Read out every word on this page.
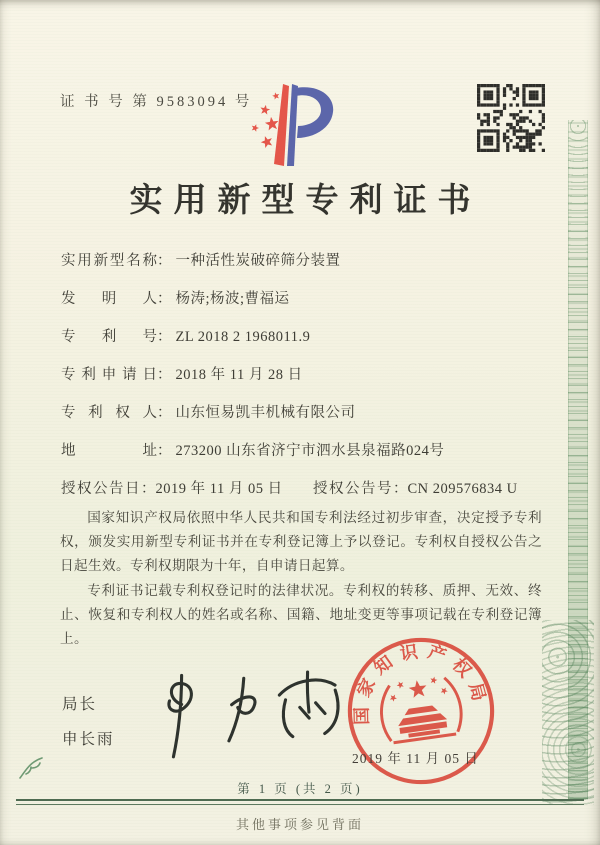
证 书 号 第 9583094 号
实用新型专利证书
实用新型名称： 一种活性炭破碎筛分装置
发明人： 杨涛;杨波;曹福运
专利号： ZL 2018 2 1968011.9
专利申请日： 2018 年 11 月 28 日
专利权人： 山东恒易凯丰机械有限公司
地址： 273200 山东省济宁市泗水县泉福路024号
授权公告日：2019 年 11 月 05 日	授权公告号：CN 209576834 U

国家知识产权局依照中华人民共和国专利法经过初步审查，决定授予专利权，颁发实用新型专利证书并在专利登记簿上予以登记。专利权自授权公告之日起生效。专利权期限为十年，自申请日起算。

专利证书记载专利权登记时的法律状况。专利权的转移、质押、无效、终止、恢复和专利权人的姓名或名称、国籍、地址变更等事项记载在专利登记簿上。

局长
申长雨
国家知识产权局
2019 年 11 月 05 日
第 1 页 (共 2 页)
其他事项参见背面
